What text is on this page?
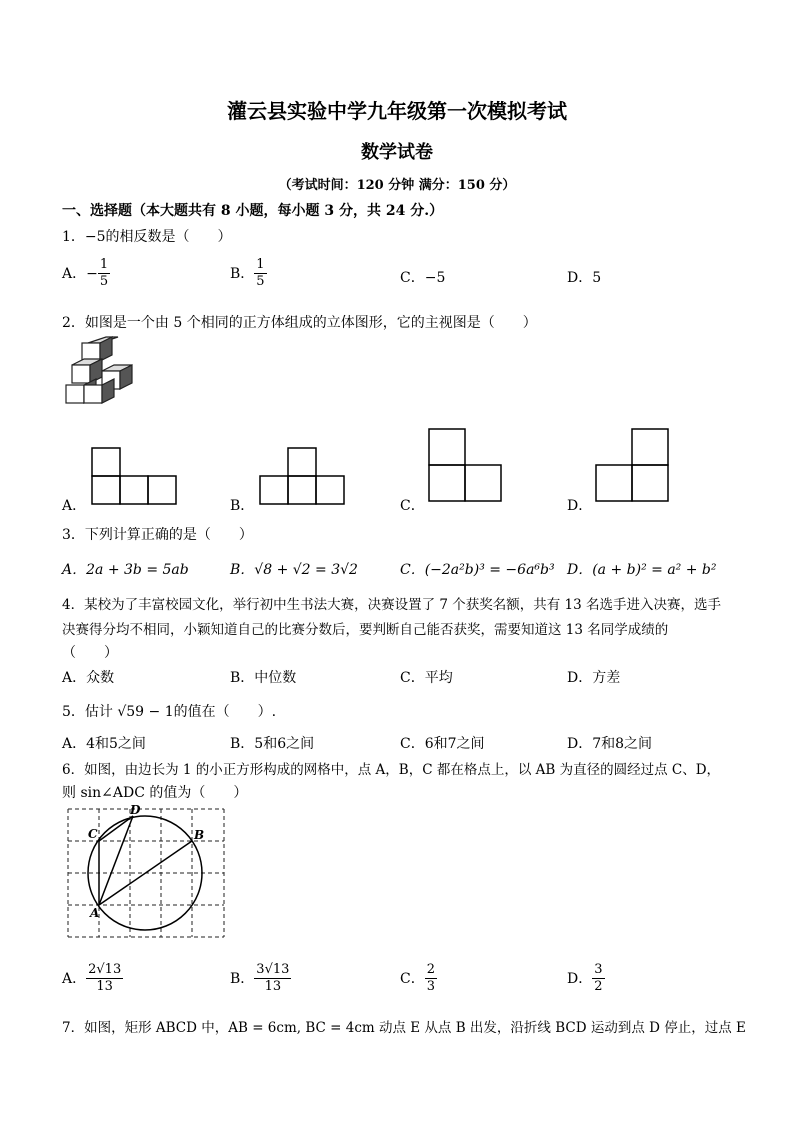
灌云县实验中学九年级第一次模拟考试
数学试卷
（考试时间：120 分钟 满分：150 分）
一、选择题（本大题共有 8 小题，每小题 3 分，共 24 分.）
1．−5的相反数是（　　）
A．− $\frac{1}{5}$	B． $\frac{1}{5}$	C．−5	D．5
2．如图是一个由 5 个相同的正方体组成的立体图形，它的主视图是（　　）
A．	B．	C．	D．
3．下列计算正确的是（　　）
A．2a + 3b = 5ab	B．√8 + √2 = 3√2	C．(−2a²b)³ = −6a⁶b³ D．(a + b)² = a² + b²
4．某校为了丰富校园文化，举行初中生书法大赛，决赛设置了 7 个获奖名额，共有 13 名选手进入决赛，选手
决赛得分均不相同，小颖知道自己的比赛分数后，要判断自己能否获奖，需要知道这 13 名同学成绩的
（　　）
A．众数	B．中位数	C．平均	D．方差
5．估计 √59 − 1的值在（　　）.
A．4和5之间	B．5和6之间	C．6和7之间	D．7和8之间
6．如图，由边长为 1 的小正方形构成的网格中，点 A，B，C 都在格点上，以 AB 为直径的圆经过点 C、D，
则 sin∠ADC 的值为（　　）
A
B
C
D
A． $\frac{2√13}{13}$	B． $\frac{3√13}{13}$	C． $\frac{2}{3}$	D． $\frac{3}{2}$
7．如图，矩形 ABCD 中，AB = 6cm, BC = 4cm 动点 E 从点 B 出发，沿折线 BCD 运动到点 D 停止，过点 E
